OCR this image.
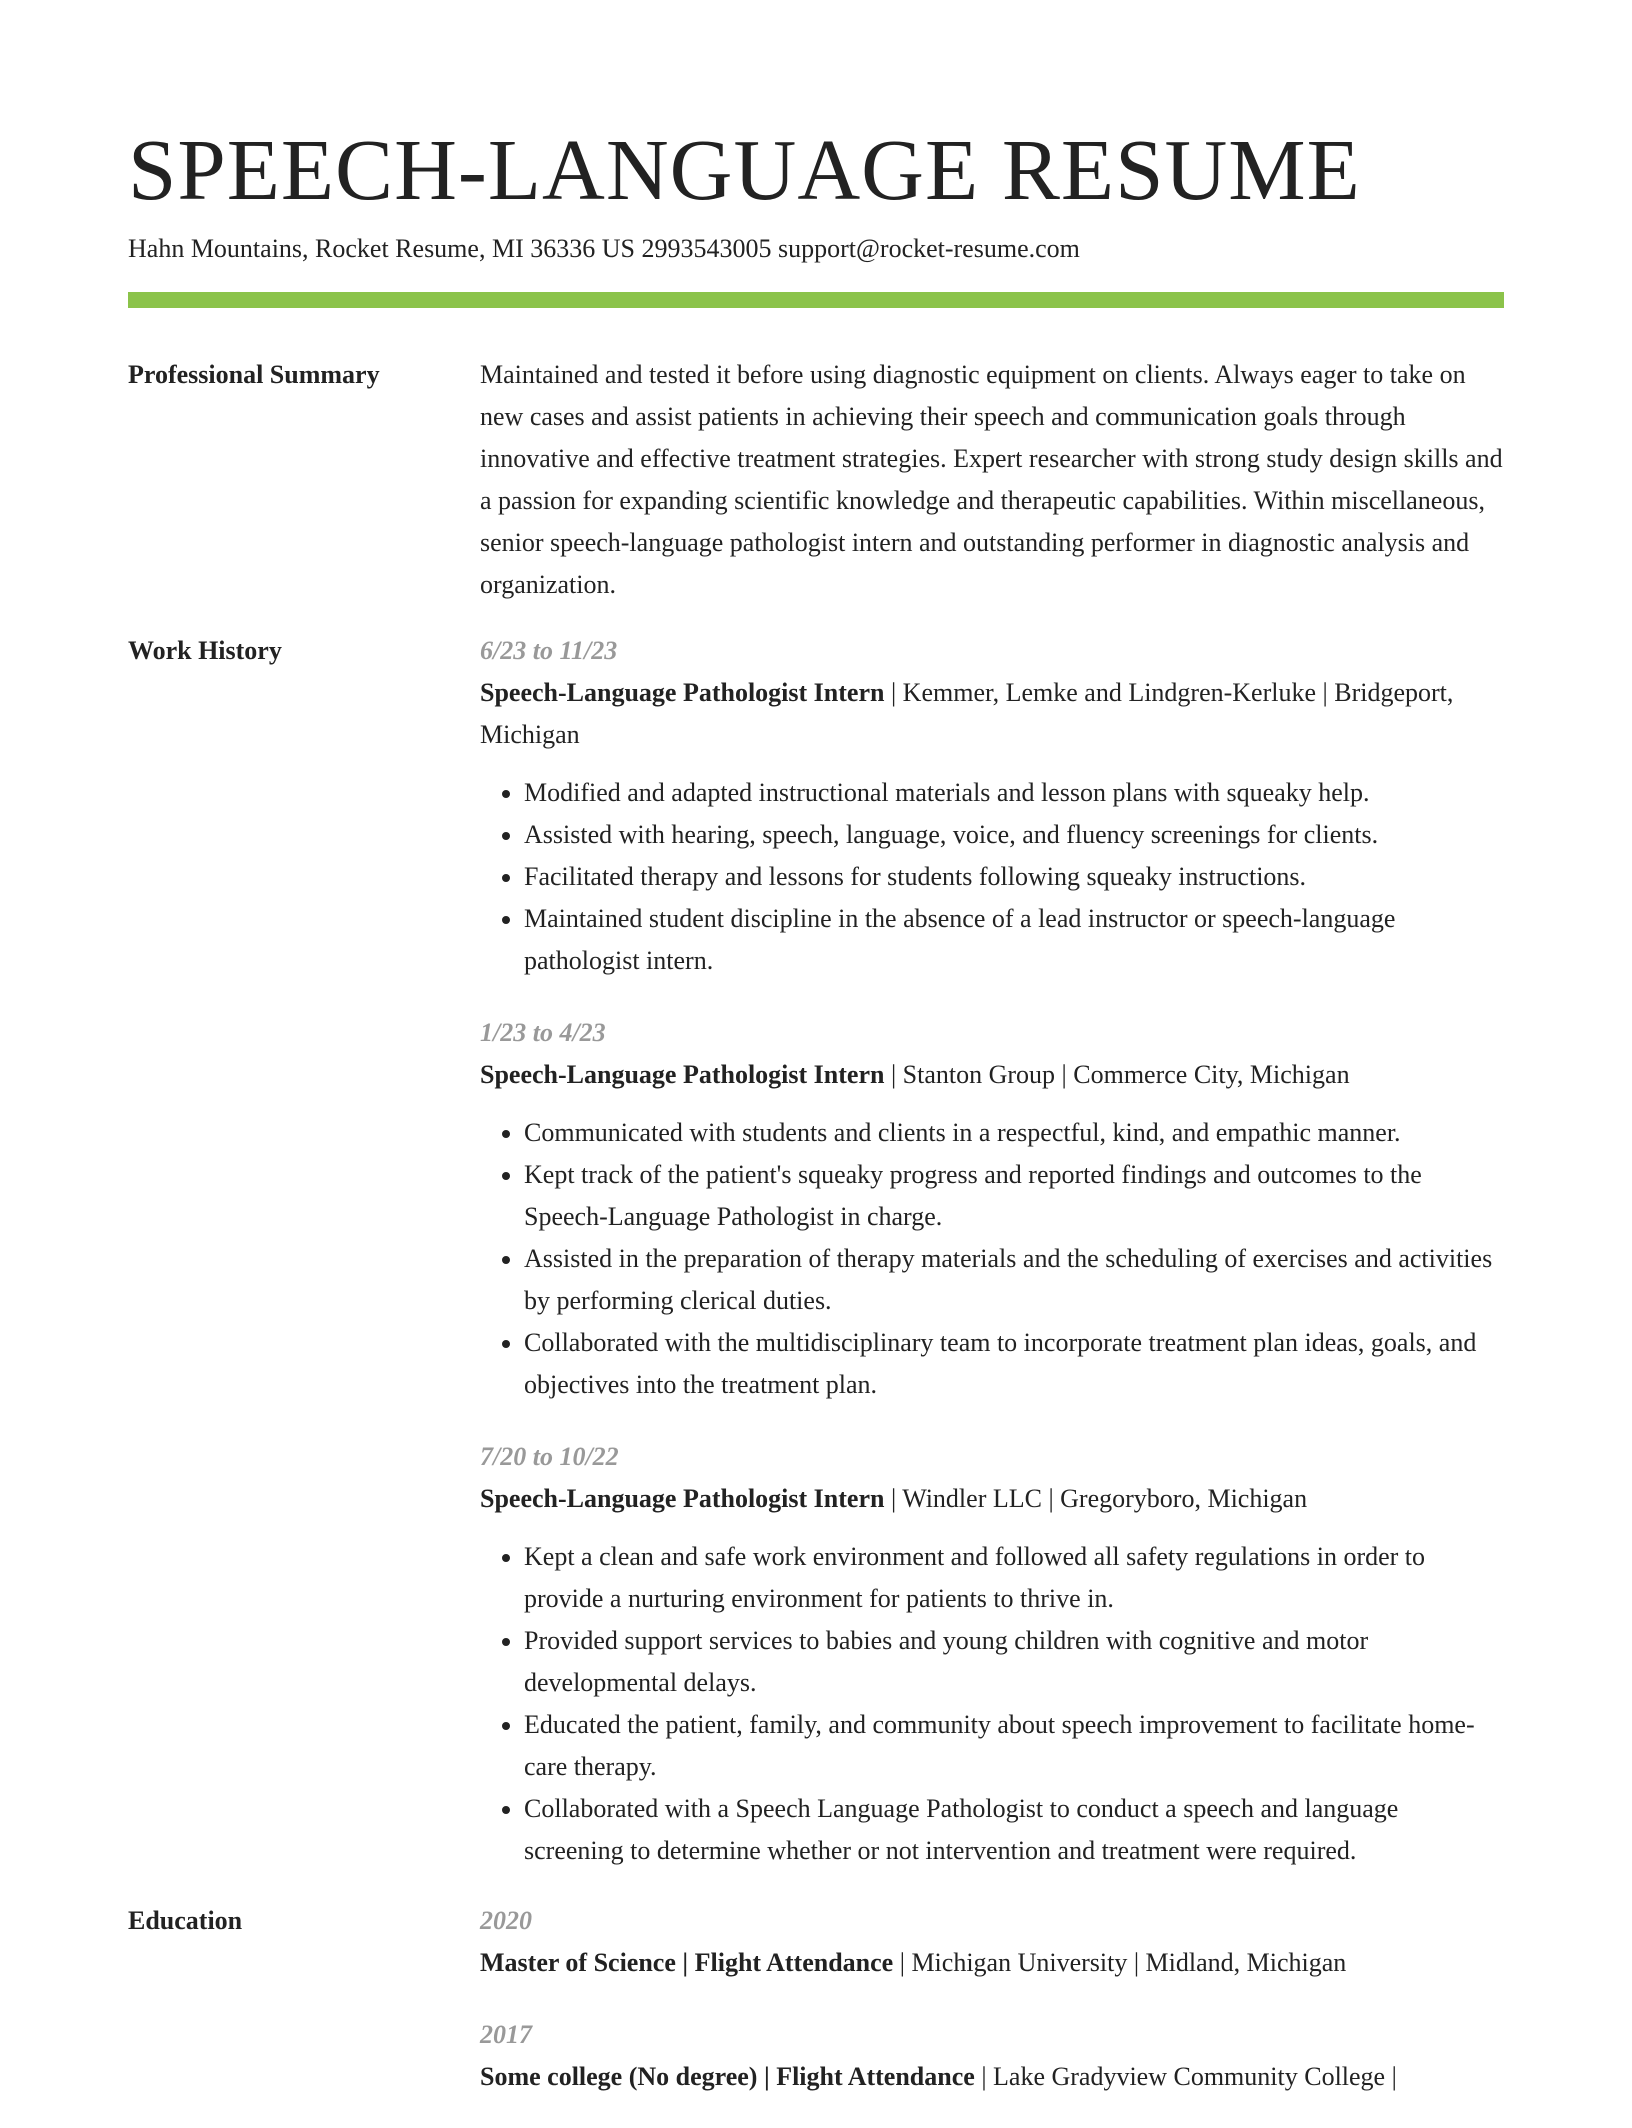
SPEECH-LANGUAGE RESUME
Hahn Mountains, Rocket Resume, MI 36336 US 2993543005 support@rocket-resume.com
Professional Summary	Maintained and tested it before using diagnostic equipment on clients. Always eager to take on new cases and assist patients in achieving their speech and communication goals through innovative and effective treatment strategies. Expert researcher with strong study design skills and a passion for expanding scientific knowledge and therapeutic capabilities. Within miscellaneous, senior speech-language pathologist intern and outstanding performer in diagnostic analysis and organization.
Work History	6/23 to 11/23
Speech-Language Pathologist Intern | Kemmer, Lemke and Lindgren-Kerluke | Bridgeport, Michigan
• Modified and adapted instructional materials and lesson plans with squeaky help.
• Assisted with hearing, speech, language, voice, and fluency screenings for clients.
• Facilitated therapy and lessons for students following squeaky instructions.
• Maintained student discipline in the absence of a lead instructor or speech-language pathologist intern.
1/23 to 4/23
Speech-Language Pathologist Intern | Stanton Group | Commerce City, Michigan
• Communicated with students and clients in a respectful, kind, and empathic manner.
• Kept track of the patient's squeaky progress and reported findings and outcomes to the Speech-Language Pathologist in charge.
• Assisted in the preparation of therapy materials and the scheduling of exercises and activities by performing clerical duties.
• Collaborated with the multidisciplinary team to incorporate treatment plan ideas, goals, and objectives into the treatment plan.
7/20 to 10/22
Speech-Language Pathologist Intern | Windler LLC | Gregoryboro, Michigan
• Kept a clean and safe work environment and followed all safety regulations in order to provide a nurturing environment for patients to thrive in.
• Provided support services to babies and young children with cognitive and motor developmental delays.
• Educated the patient, family, and community about speech improvement to facilitate home-care therapy.
• Collaborated with a Speech Language Pathologist to conduct a speech and language screening to determine whether or not intervention and treatment were required.
Education	2020
Master of Science | Flight Attendance | Michigan University | Midland, Michigan
2017
Some college (No degree) | Flight Attendance | Lake Gradyview Community College |
